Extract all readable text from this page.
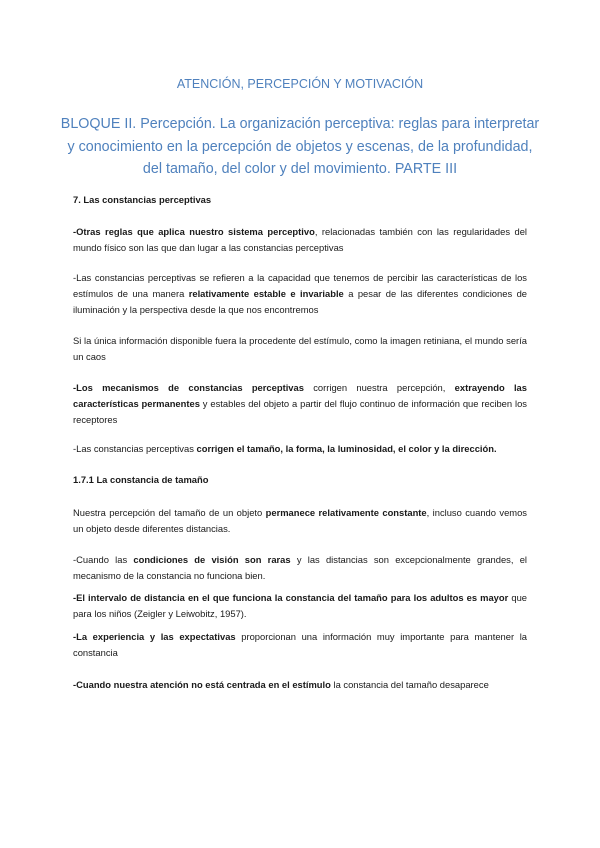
ATENCIÓN, PERCEPCIÓN Y MOTIVACIÓN
BLOQUE II. Percepción. La organización perceptiva: reglas para interpretar y conocimiento en la percepción de objetos y escenas, de la profundidad, del tamaño, del color y del movimiento. PARTE III

7. Las constancias perceptivas

-Otras reglas que aplica nuestro sistema perceptivo, relacionadas también con las regularidades del mundo físico son las que dan lugar a las constancias perceptivas

-Las constancias perceptivas se refieren a la capacidad que tenemos de percibir las características de los estímulos de una manera relativamente estable e invariable a pesar de las diferentes condiciones de iluminación y la perspectiva desde la que nos encontremos

Si la única información disponible fuera la procedente del estímulo, como la imagen retiniana, el mundo sería un caos

-Los mecanismos de constancias perceptivas corrigen nuestra percepción, extrayendo las características permanentes y estables del objeto a partir del flujo continuo de información que reciben los receptores

-Las constancias perceptivas corrigen el tamaño, la forma, la luminosidad, el color y la dirección.

1.7.1 La constancia de tamaño

Nuestra percepción del tamaño de un objeto permanece relativamente constante, incluso cuando vemos un objeto desde diferentes distancias.

-Cuando las condiciones de visión son raras y las distancias son excepcionalmente grandes, el mecanismo de la constancia no funciona bien.

-El intervalo de distancia en el que funciona la constancia del tamaño para los adultos es mayor que para los niños (Zeigler y Leiwobitz, 1957).

-La experiencia y las expectativas proporcionan una información muy importante para mantener la constancia

-Cuando nuestra atención no está centrada en el estímulo la constancia del tamaño desaparece
